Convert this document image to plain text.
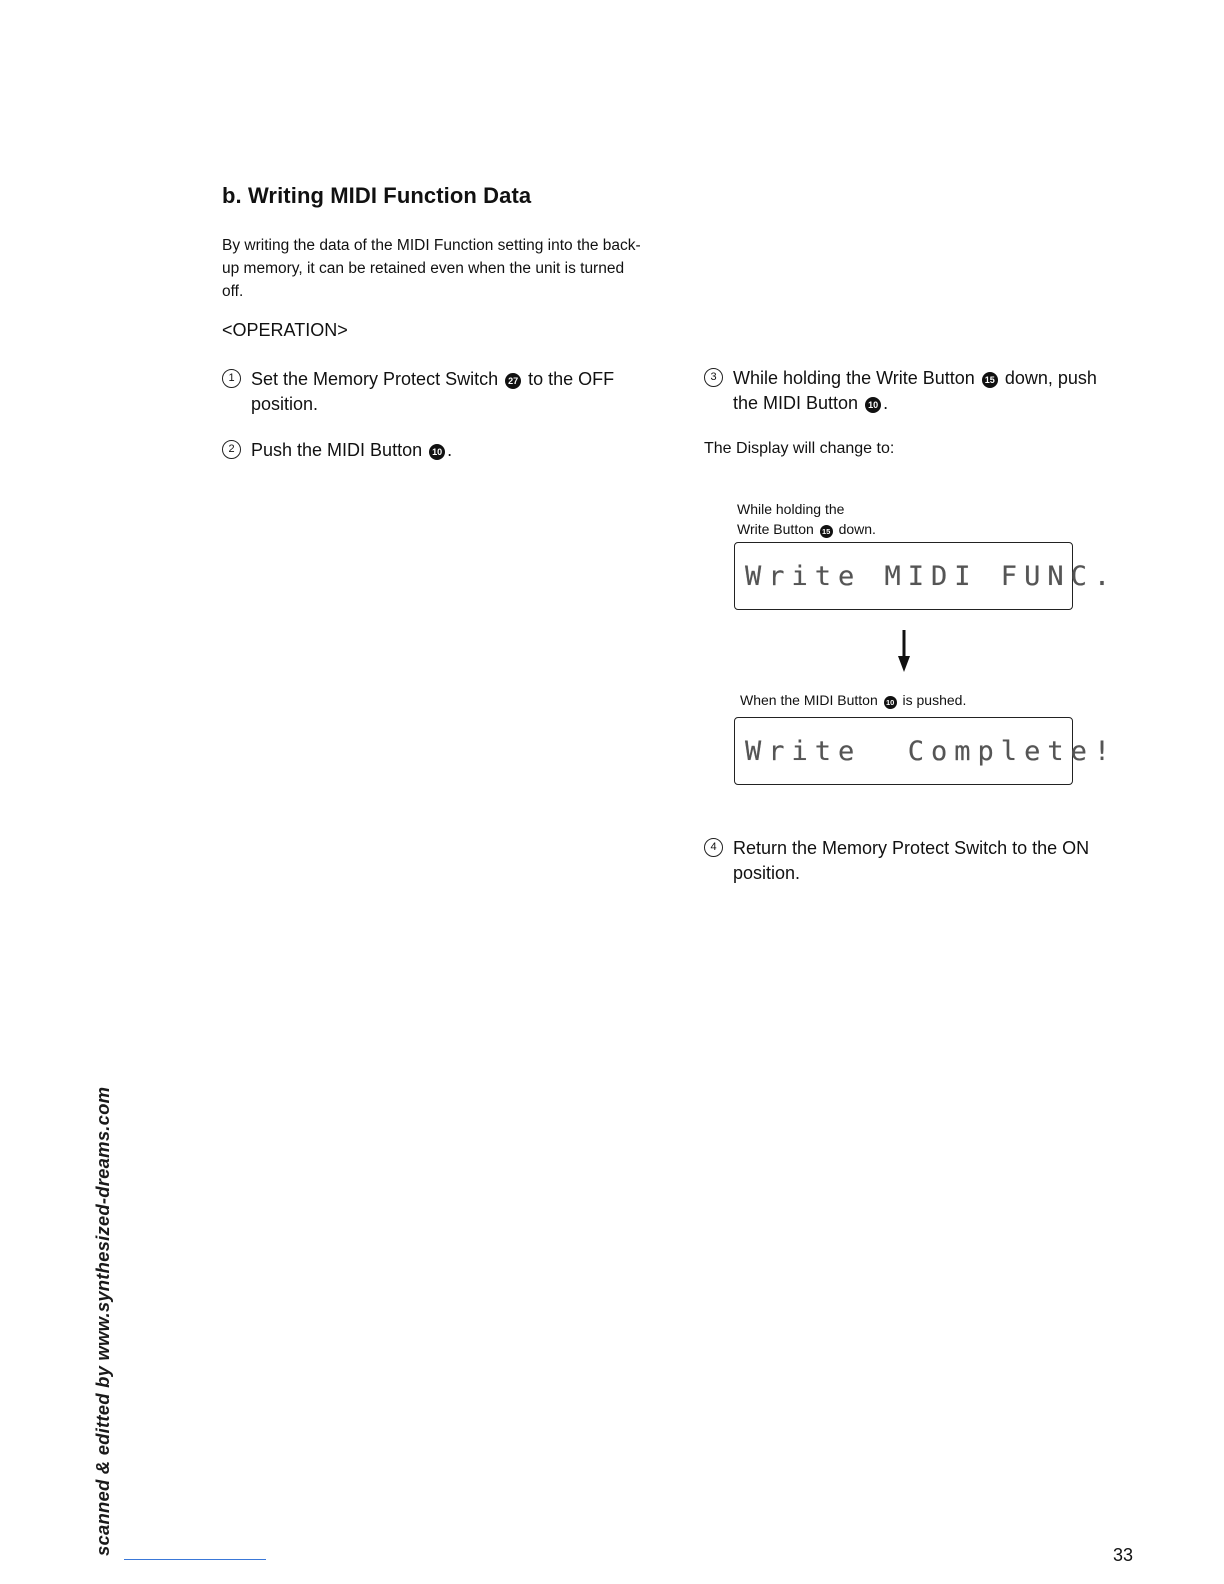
b. Writing MIDI Function Data
By writing the data of the MIDI Function setting into the back-up memory, it can be retained even when the unit is turned off.
<OPERATION>
1 Set the Memory Protect Switch 27 to the OFF position.
2 Push the MIDI Button 10 .
3 While holding the Write Button 15 down, push the MIDI Button 10 .
The Display will change to:
While holding the
Write Button 15 down.
Write MIDI FUNC.
When the MIDI Button 10 is pushed.
Write  Complete!
4 Return the Memory Protect Switch to the ON position.
scanned & editted by www.synthesized-dreams.com	33
